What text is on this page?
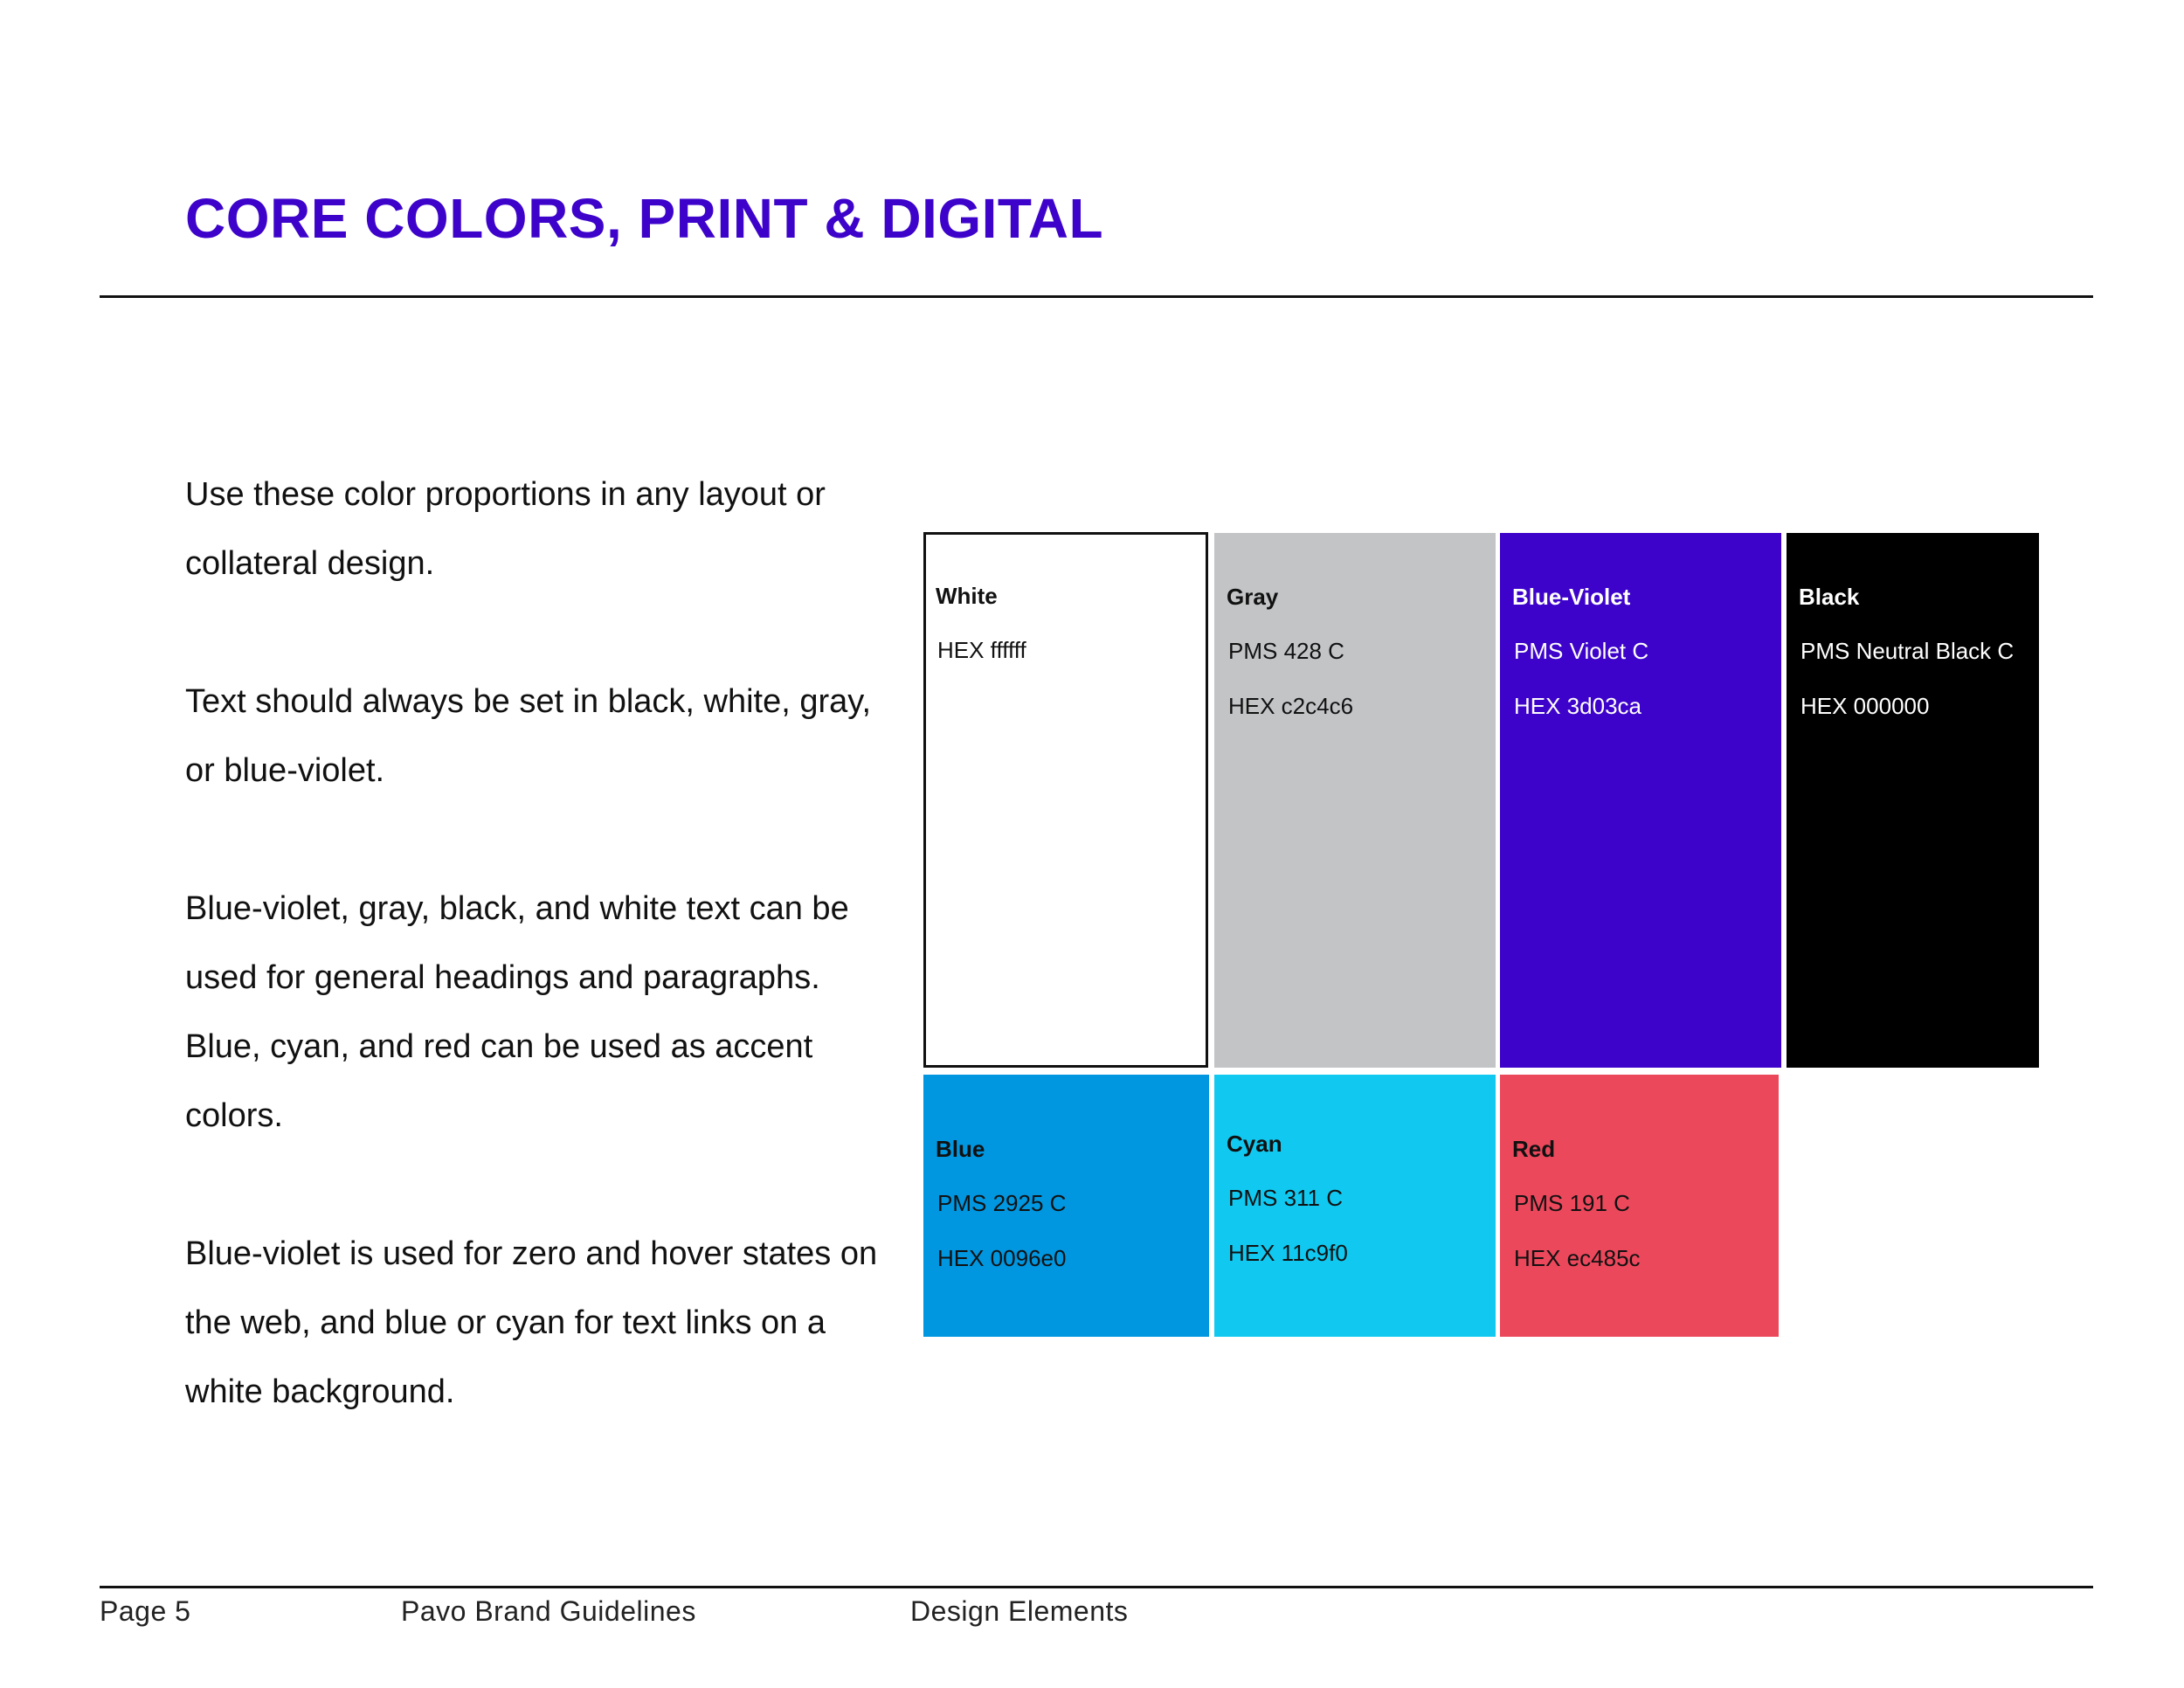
CORE COLORS, PRINT & DIGITAL

Use these color proportions in any layout or collateral design.

Text should always be set in black, white, gray, or blue-violet.

Blue-violet, gray, black, and white text can be used for general headings and paragraphs. Blue, cyan, and red can be used as accent colors.

Blue-violet is used for zero and hover states on the web, and blue or cyan for text links on a white background.

White
HEX ffffff
Gray
PMS 428 C
HEX c2c4c6
Blue-Violet
PMS Violet C
HEX 3d03ca
Black
PMS Neutral Black C
HEX 000000
Blue
PMS 2925 C
HEX 0096e0
Cyan
PMS 311 C
HEX 11c9f0
Red
PMS 191 C
HEX ec485c
Page 5	Pavo Brand Guidelines	Design Elements
